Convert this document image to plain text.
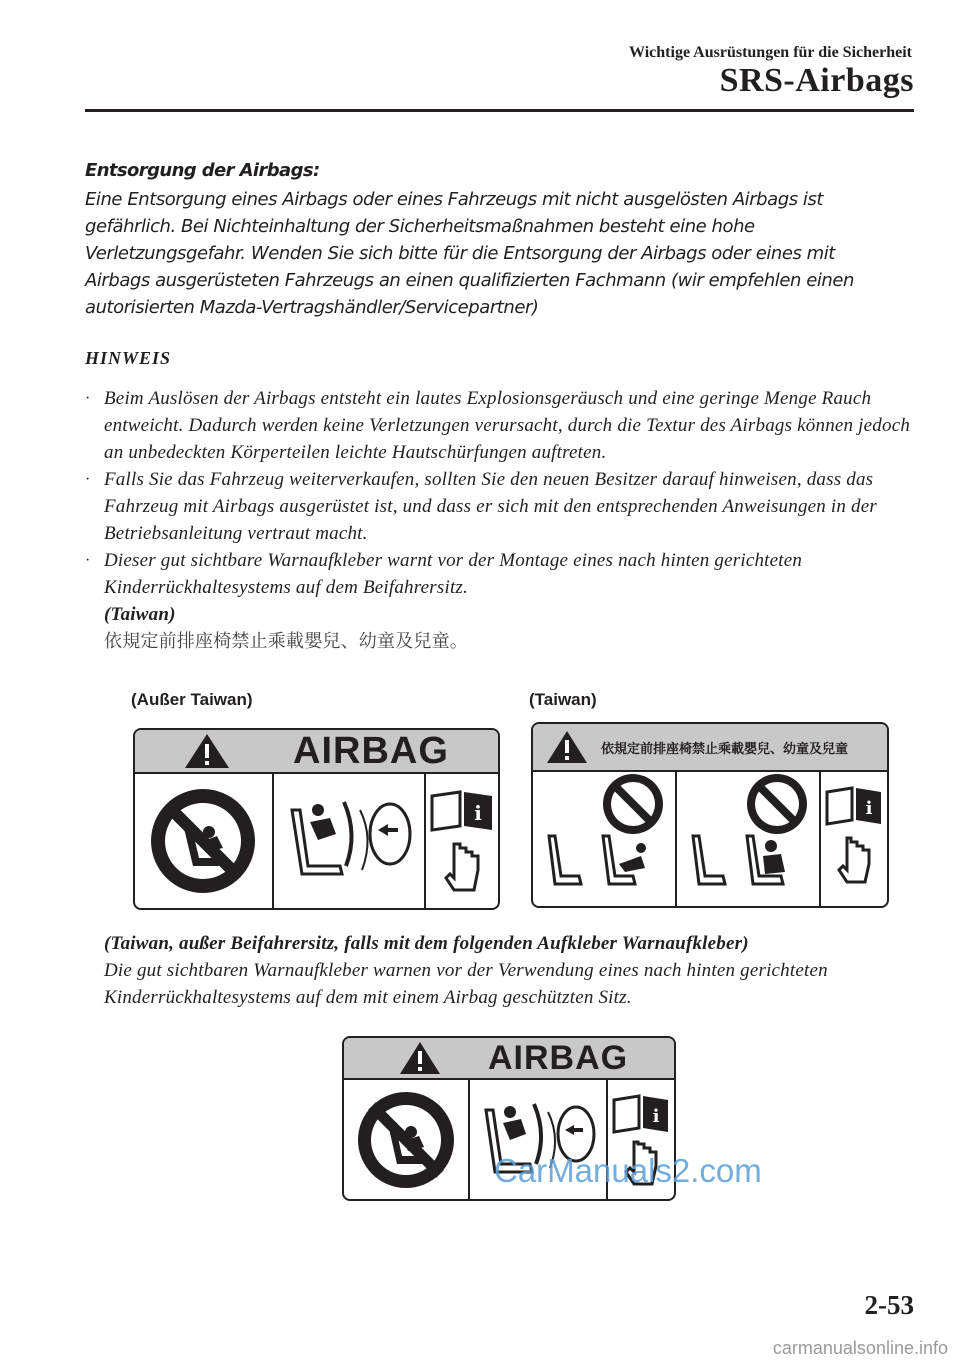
Wichtige Ausrüstungen für die Sicherheit
SRS-Airbags
Entsorgung der Airbags:
Eine Entsorgung eines Airbags oder eines Fahrzeugs mit nicht ausgelösten Airbags ist gefährlich. Bei Nichteinhaltung der Sicherheitsmaßnahmen besteht eine hohe Verletzungsgefahr. Wenden Sie sich bitte für die Entsorgung der Airbags oder eines mit Airbags ausgerüsteten Fahrzeugs an einen qualifizierten Fachmann (wir empfehlen einen autorisierten Mazda-Vertragshändler/Servicepartner)
HINWEIS
· Beim Auslösen der Airbags entsteht ein lautes Explosionsgeräusch und eine geringe Menge Rauch entweicht. Dadurch werden keine Verletzungen verursacht, durch die Textur des Airbags können jedoch an unbedeckten Körperteilen leichte Hautschürfungen auftreten.
· Falls Sie das Fahrzeug weiterverkaufen, sollten Sie den neuen Besitzer darauf hinweisen, dass das Fahrzeug mit Airbags ausgerüstet ist, und dass er sich mit den entsprechenden Anweisungen in der Betriebsanleitung vertraut macht.
· Dieser gut sichtbare Warnaufkleber warnt vor der Montage eines nach hinten gerichteten Kinderrückhaltesystems auf dem Beifahrersitz.
(Taiwan)
依規定前排座椅禁止乘載嬰兒、幼童及兒童。
(Außer Taiwan)	(Taiwan)
AIRBAG
i
依規定前排座椅禁止乘載嬰兒、幼童及兒童
i
(Taiwan, außer Beifahrersitz, falls mit dem folgenden Aufkleber Warnaufkleber)
Die gut sichtbaren Warnaufkleber warnen vor der Verwendung eines nach hinten gerichteten Kinderrückhaltesystems auf dem mit einem Airbag geschützten Sitz.
AIRBAG
i
CarManuals2.com
2-53
carmanualsonline.info
